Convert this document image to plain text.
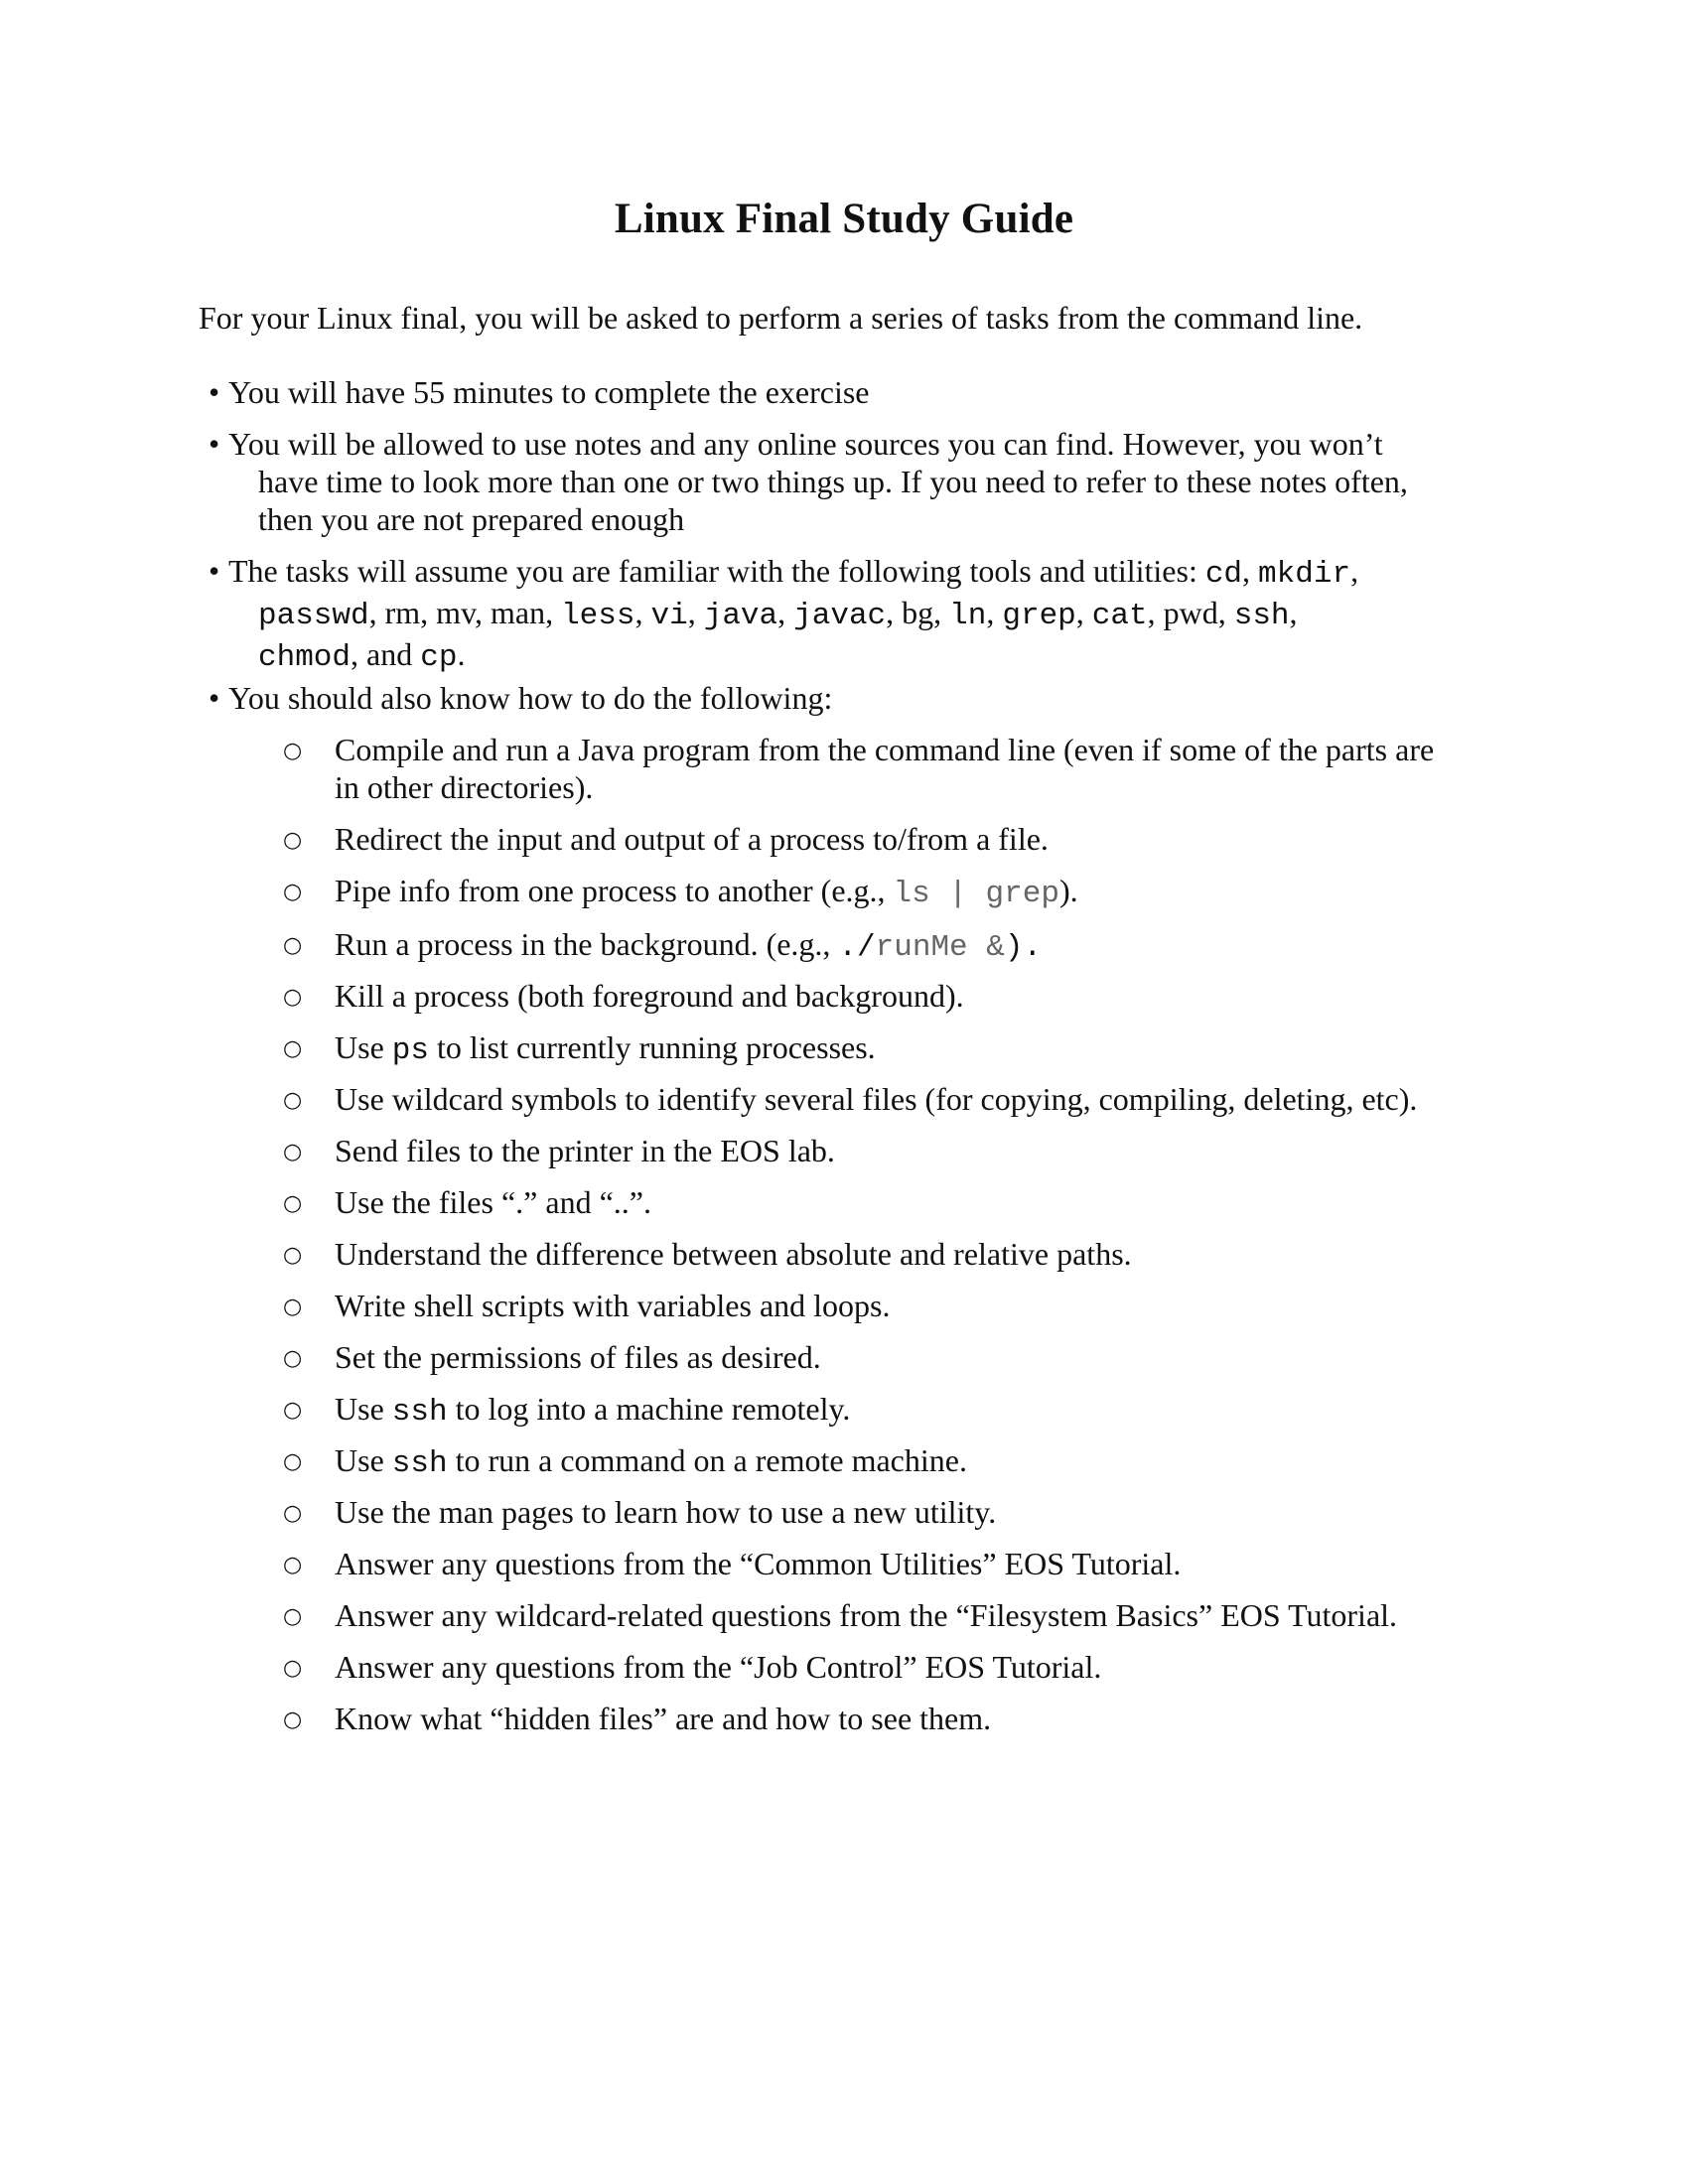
Linux Final Study Guide
For your Linux final, you will be asked to perform a series of tasks from the command line.
• You will have 55 minutes to complete the exercise
• You will be allowed to use notes and any online sources you can find. However, you won’t
have time to look more than one or two things up. If you need to refer to these notes often,
then you are not prepared enough
• The tasks will assume you are familiar with the following tools and utilities: cd, mkdir,
passwd, rm, mv, man, less, vi, java, javac, bg, ln, grep, cat, pwd, ssh,
chmod, and cp.
• You should also know how to do the following:
○	Compile and run a Java program from the command line (even if some of the parts are
in other directories).
○	Redirect the input and output of a process to/from a file.
○	Pipe info from one process to another (e.g., ls | grep).
○	Run a process in the background. (e.g., ./runMe &).
○	Kill a process (both foreground and background).
○	Use ps to list currently running processes.
○	Use wildcard symbols to identify several files (for copying, compiling, deleting, etc).
○	Send files to the printer in the EOS lab.
○	Use the files “.” and “..”.
○	Understand the difference between absolute and relative paths.
○	Write shell scripts with variables and loops.
○	Set the permissions of files as desired.
○	Use ssh to log into a machine remotely.
○	Use ssh to run a command on a remote machine.
○	Use the man pages to learn how to use a new utility.
○	Answer any questions from the “Common Utilities” EOS Tutorial.
○	Answer any wildcard-related questions from the “Filesystem Basics” EOS Tutorial.
○	Answer any questions from the “Job Control” EOS Tutorial.
○	Know what “hidden files” are and how to see them.
